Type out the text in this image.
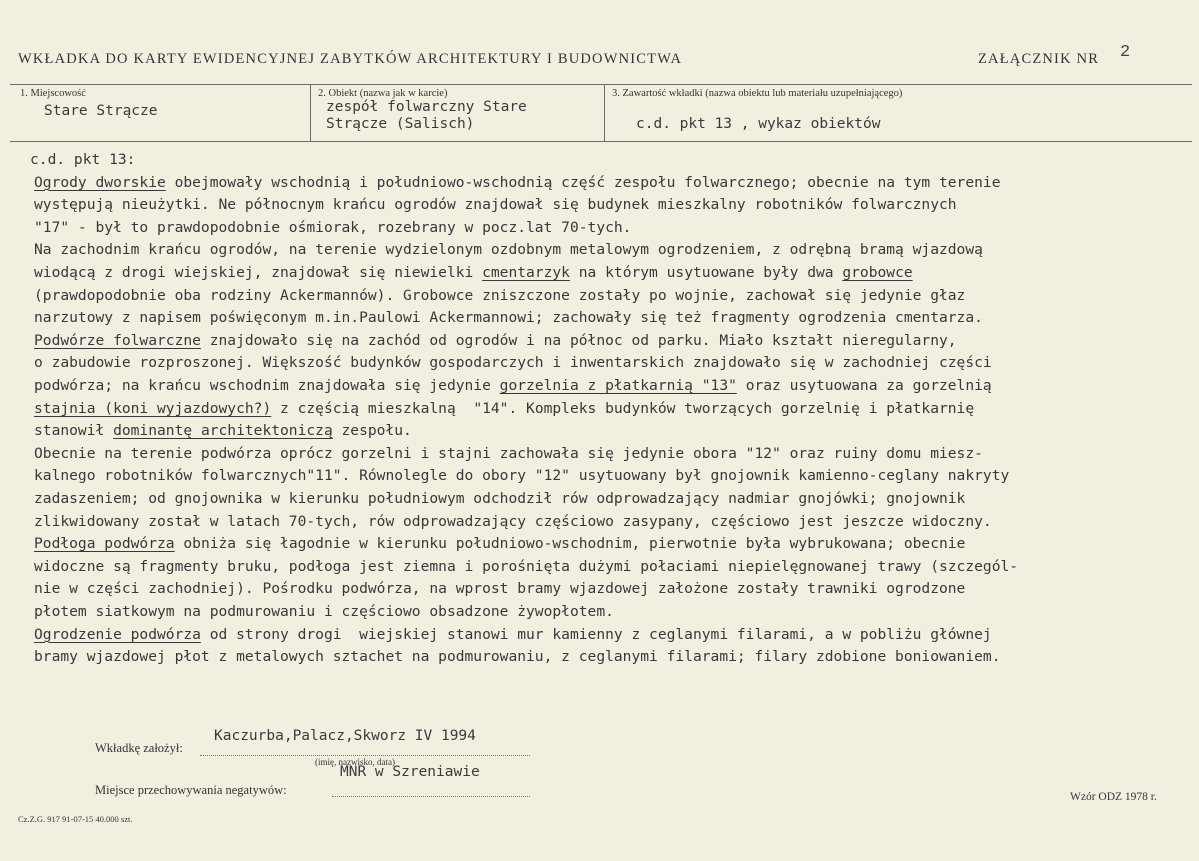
WKŁADKA DO KARTY EWIDENCYJNEJ ZABYTKÓW ARCHITEKTURY I BUDOWNICTWA	ZAŁĄCZNIK NR 2
1. Miejscowość
Stare Strącze
2. Obiekt (nazwa jak w karcie)
zespół folwarczny Stare
Strącze (Salisch)
3. Zawartość wkładki (nazwa obiektu lub materiału uzupełniającego)
c.d. pkt 13 , wykaz obiektów
c.d. pkt 13:
Ogrody dworskie obejmowały wschodnią i południowo-wschodnią część zespołu folwarcznego; obecnie na tym terenie
występują nieużytki. Ne północnym krańcu ogrodów znajdował się budynek mieszkalny robotników folwarcznych
"17" - był to prawdopodobnie ośmiorak, rozebrany w pocz.lat 70-tych.
Na zachodnim krańcu ogrodów, na terenie wydzielonym ozdobnym metalowym ogrodzeniem, z odrębną bramą wjazdową
wiodącą z drogi wiejskiej, znajdował się niewielki cmentarzyk na którym usytuowane były dwa grobowce
(prawdopodobnie oba rodziny Ackermannów). Grobowce zniszczone zostały po wojnie, zachował się jedynie głaz
narzutowy z napisem poświęconym m.in.Paulowi Ackermannowi; zachowały się też fragmenty ogrodzenia cmentarza.
Podwórze folwarczne znajdowało się na zachód od ogrodów i na północ od parku. Miało kształt nieregularny,
o zabudowie rozproszonej. Większość budynków gospodarczych i inwentarskich znajdowało się w zachodniej części
podwórza; na krańcu wschodnim znajdowała się jedynie gorzelnia z płatkarnią "13" oraz usytuowana za gorzelnią
stajnia (koni wyjazdowych?) z częścią mieszkalną  "14". Kompleks budynków tworzących gorzelnię i płatkarnię
stanowił dominantę architektoniczą zespołu.
Obecnie na terenie podwórza oprócz gorzelni i stajni zachowała się jedynie obora "12" oraz ruiny domu miesz-
kalnego robotników folwarcznych"11". Równolegle do obory "12" usytuowany był gnojownik kamienno-ceglany nakryty
zadaszeniem; od gnojownika w kierunku południowym odchodził rów odprowadzający nadmiar gnojówki; gnojownik
zlikwidowany został w latach 70-tych, rów odprowadzający częściowo zasypany, częściowo jest jeszcze widoczny.
Podłoga podwórza obniża się łagodnie w kierunku południowo-wschodnim, pierwotnie była wybrukowana; obecnie
widoczne są fragmenty bruku, podłoga jest ziemna i porośnięta dużymi połaciami niepielęgnowanej trawy (szczegól-
nie w części zachodniej). Pośrodku podwórza, na wprost bramy wjazdowej założone zostały trawniki ogrodzone
płotem siatkowym na podmurowaniu i częściowo obsadzone żywopłotem.
Ogrodzenie podwórza od strony drogi  wiejskiej stanowi mur kamienny z ceglanymi filarami, a w pobliżu głównej
bramy wjazdowej płot z metalowych sztachet na podmurowaniu, z ceglanymi filarami; filary zdobione boniowaniem.
Wkładkę założył:
Kaczurba,Palacz,Skworz IV 1994
(imię, nazwisko, data)
MNR w Szreniawie
Miejsce przechowywania negatywów:	Wzór ODZ 1978 r.
Cz.Z.G. 917 91-07-15 40.000 szt.
